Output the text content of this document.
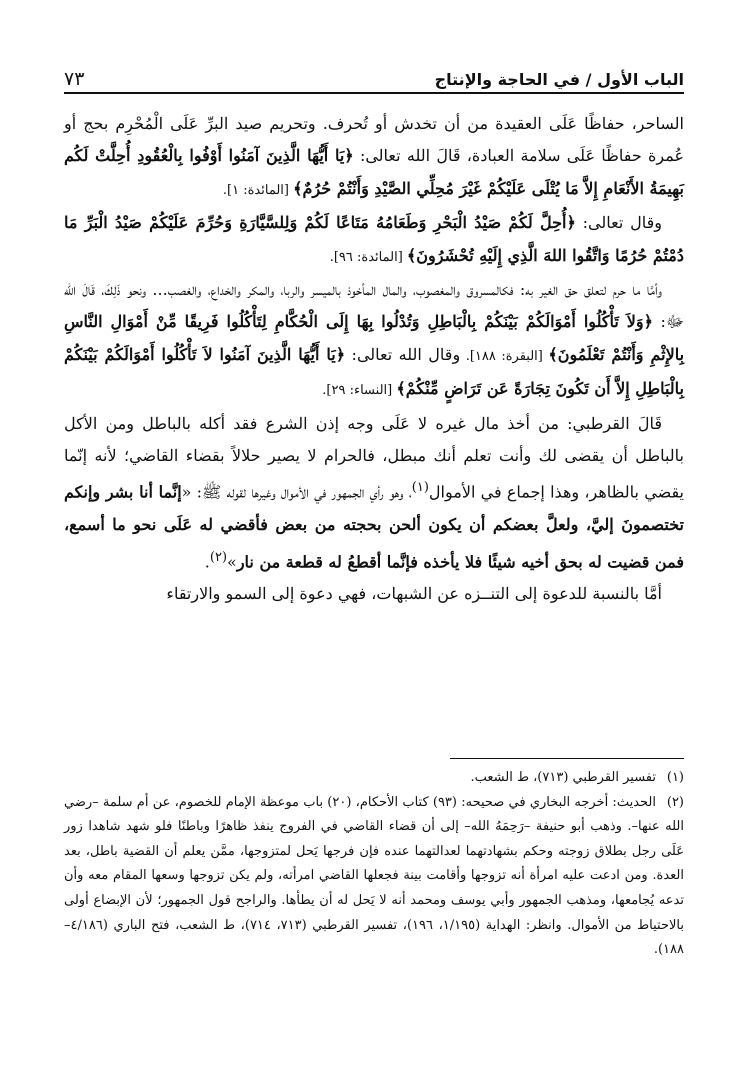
الباب الأول / في الحاجة والإنتاج
٧٣

الساحر، حفاظًا عَلَى العقيدة من أن تخدش أو تُحرف. وتحريم صيد البرِّ عَلَى الْمُحْرِم بحج أو عُمرة حفاظًا عَلَى سلامة العبادة، قَالَ الله تعالى: ﴿يَا أَيُّهَا الَّذِينَ آمَنُوا أَوْفُوا بِالْعُقُودِ أُحِلَّتْ لَكُم بَهِيمَةُ الأَنْعَامِ إِلاَّ مَا يُتْلَى عَلَيْكُمْ غَيْرَ مُحِلِّي الصَّيْدِ وَأَنْتُمْ حُرُمٌ﴾ [المائدة: ١].

وقال تعالى: ﴿أُحِلَّ لَكُمْ صَيْدُ الْبَحْرِ وَطَعَامُهُ مَتَاعًا لَكُمْ وَلِلسَّيَّارَةِ وَحُرِّمَ عَلَيْكُمْ صَيْدُ الْبَرِّ مَا دُمْتُمْ حُرُمًا وَاتَّقُوا اللهَ الَّذِي إِلَيْهِ تُحْشَرُونَ﴾ [المائدة: ٩٦].

وأمَّا ما حرم لتعلق حق الغير به: فكالمسروق والمغصوب، والمال المأخوذ بالميسر والربا، والمكر والخداع، والغصب... ونحو ذَلِكَ، قَالَ الله ﷻ: ﴿وَلاَ تَأْكُلُوا أَمْوَالَكُمْ بَيْنَكُمْ بِالْبَاطِلِ وَتُدْلُوا بِهَا إِلَى الْحُكَّامِ لِتَأْكُلُوا فَرِيقًا مِّنْ أَمْوَالِ النَّاسِ بِالإِثْمِ وَأَنْتُمْ تَعْلَمُونَ﴾ [البقرة: ١٨٨]. وقال الله تعالى: ﴿يَا أَيُّهَا الَّذِينَ آمَنُوا لاَ تَأْكُلُوا أَمْوَالَكُمْ بَيْنَكُمْ بِالْبَاطِلِ إِلاَّ أَن تَكُونَ تِجَارَةً عَن تَرَاضٍ مِّنْكُمْ﴾ [النساء: ٢٩].

قَالَ القرطبي: من أخذ مال غيره لا عَلَى وجه إذن الشرع فقد أكله بالباطل ومن الأكل بالباطل أن يقضى لك وأنت تعلم أنك مبطل، فالحرام لا يصير حلالاً بقضاء القاضي؛ لأنه إنّما يقضي بالظاهر، وهذا إجماع في الأموال$^{(١)}$، وهو رأي الجمهور في الأموال وغيرها لقوله ﷺ: «إنَّما أنا بشر وإنكم تختصمونَ إليَّ، ولعلَّ بعضكم أن يكون ألحن بحجته من بعض فأقضي له عَلَى نحو ما أسمع، فمن قضيت له بحق أخيه شيئًا فلا يأخذه فإنَّما أقطعُ له قطعة من نار»$^{(٢)}$.

أمَّا بالنسبة للدعوة إلى التنــزه عن الشبهات، فهي دعوة إلى السمو والارتقاء

(١)تفسير القرطبي (٧١٣)، ط الشعب.

(٢)الحديث: أخرجه البخاري في صحيحه: (٩٣) كتاب الأحكام، (٢٠) باب موعظة الإمام للخصوم، عن أم سلمة –رضي الله عنها–. وذهب أبو حنيفة –رَحِمَهُ الله– إلى أن قضاء القاضي في الفروج ينفذ ظاهرًا وباطنًا فلو شهد شاهدا زور عَلَى رجل بطلاق زوجته وحكم بشهادتهما لعدالتهما عنده فإن فرجها يَحل لمتزوجها، ممَّن يعلم أن القضية باطل، بعد العدة. ومن ادعت عليه امرأة أنه تزوجها وأقامت بينة فجعلها القاضي امرأته، ولم يكن تزوجها وسعها المقام معه وأن تدعه يُجامعها، ومذهب الجمهور وأبي يوسف ومحمد أنه لا يَحل له أن يطأها. والراجح قول الجمهور؛ لأن الإبضاع أولى بالاحتياط من الأموال. وانظر: الهداية (١/١٩٥، ١٩٦)، تفسير القرطبي (٧١٣، ٧١٤)، ط الشعب، فتح الباري (٤/١٨٦– ١٨٨).
